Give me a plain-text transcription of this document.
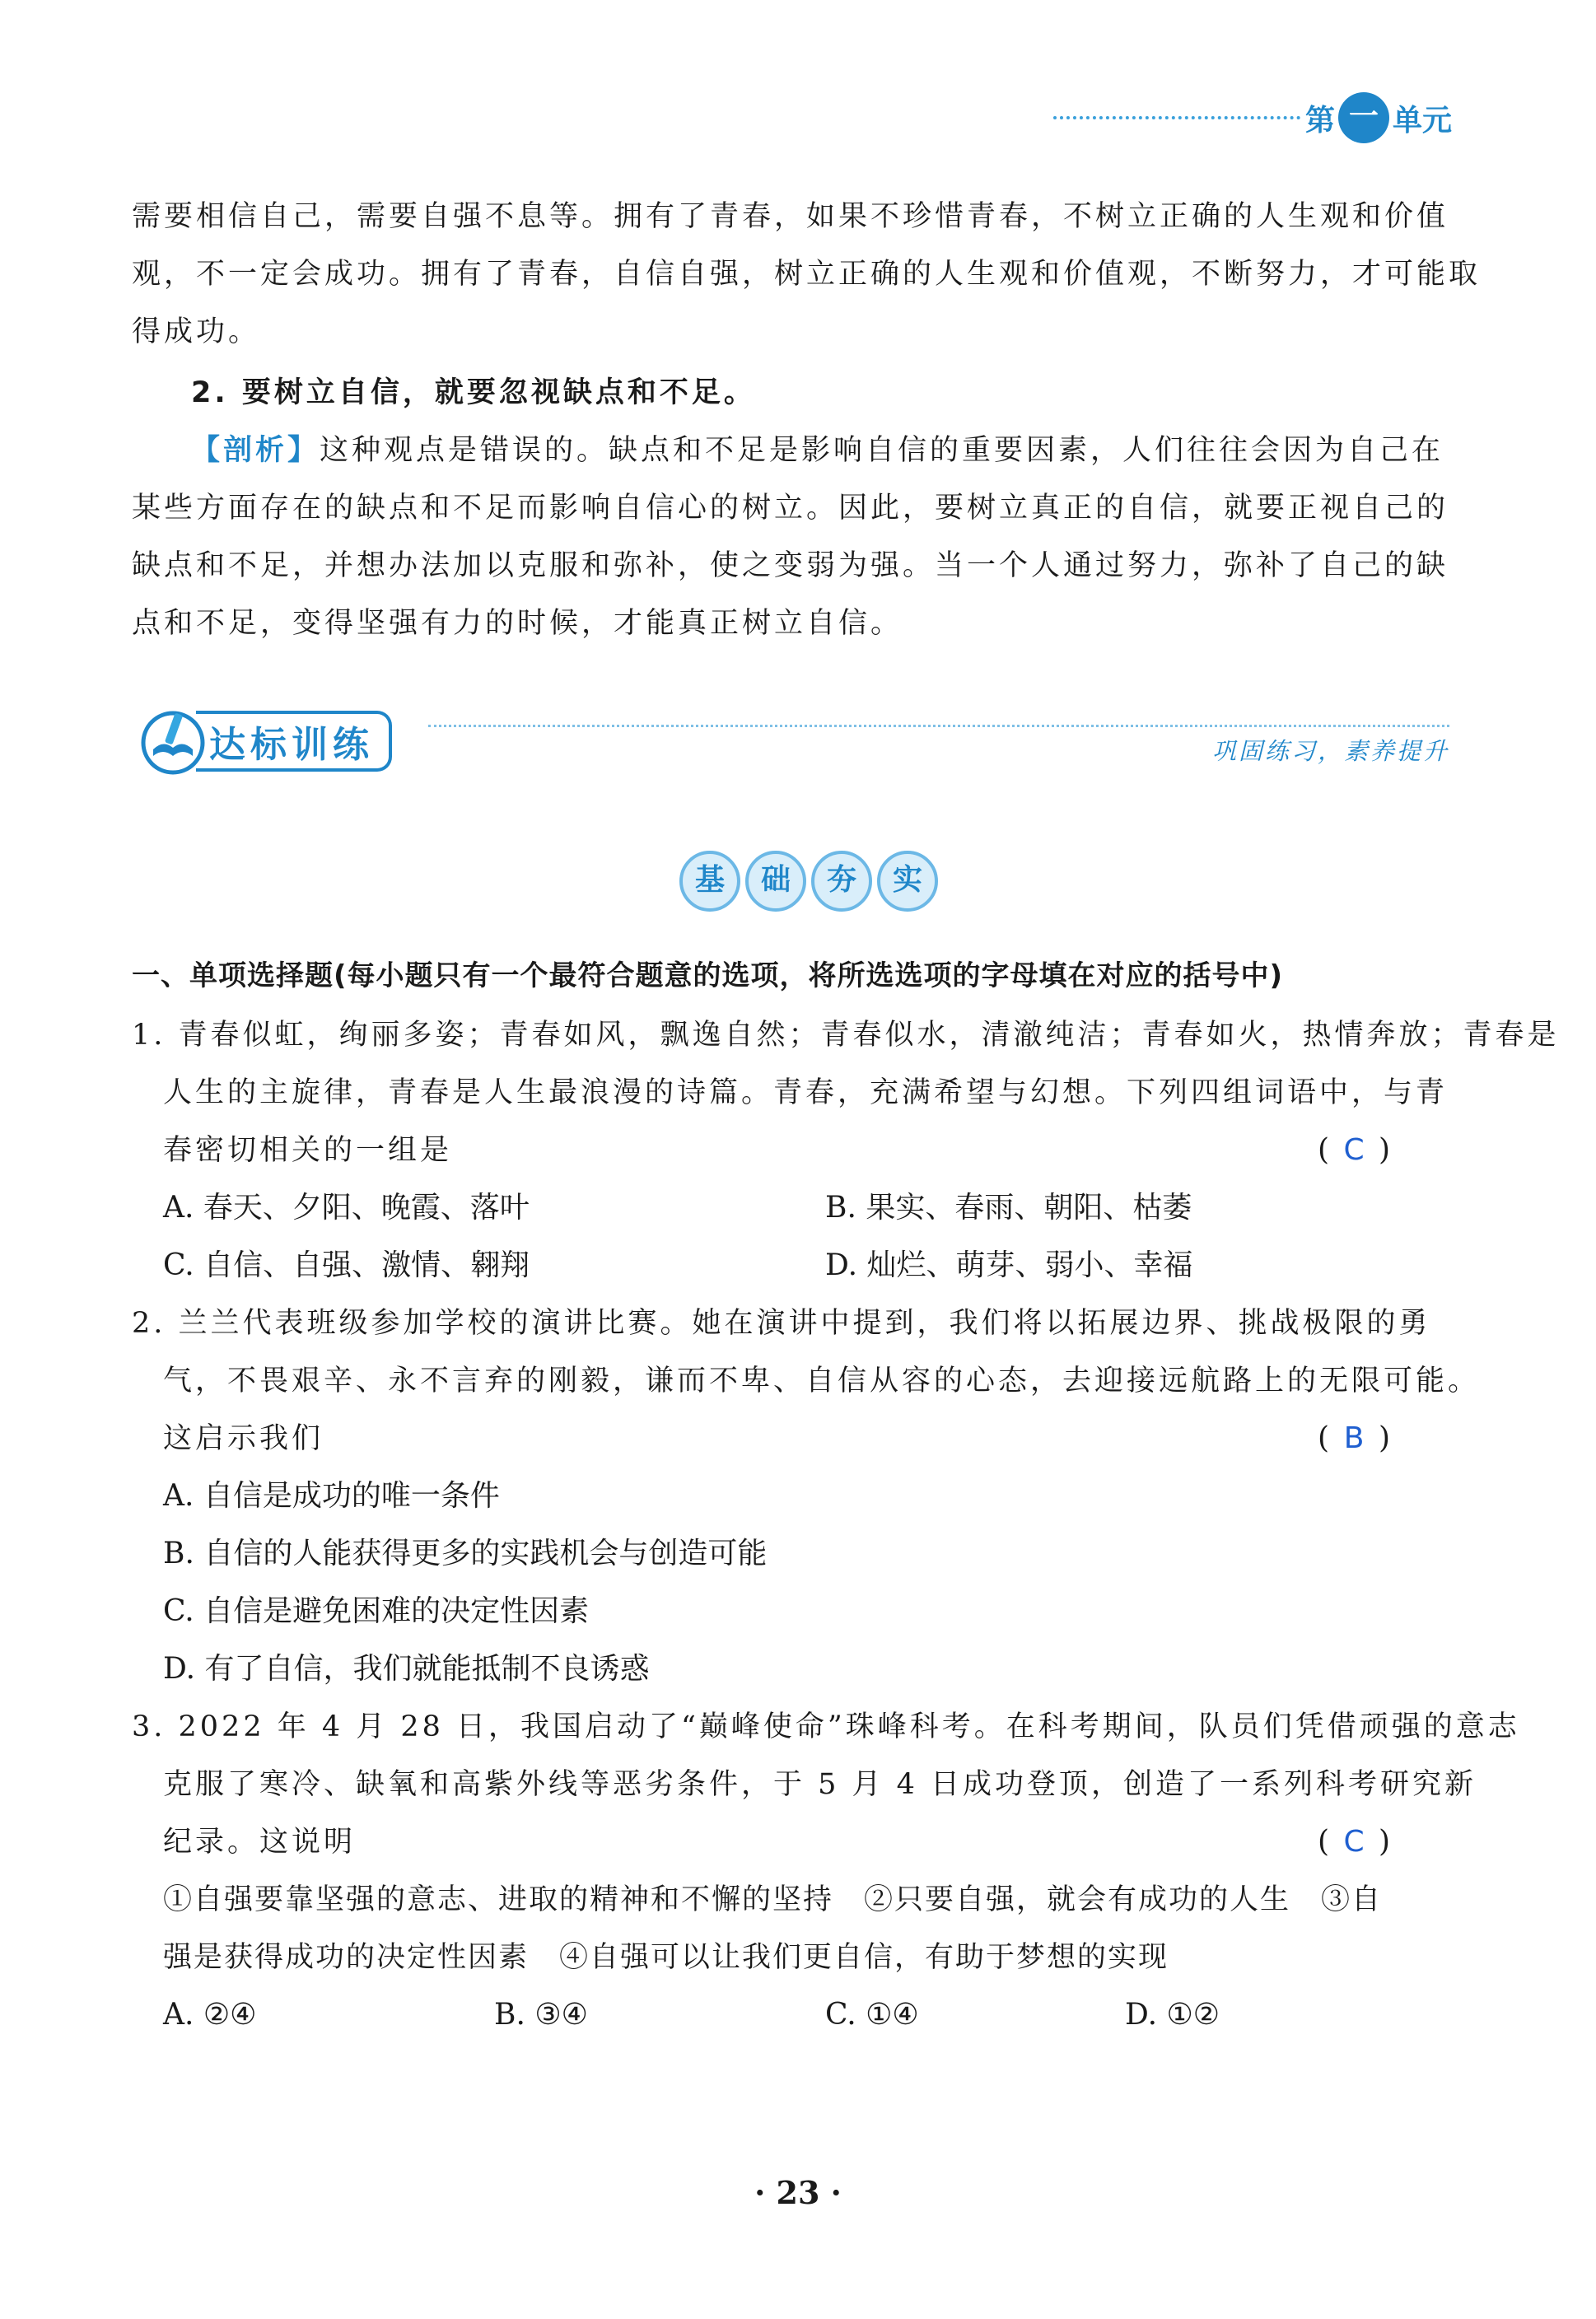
第 一 单元
需要相信自己，需要自强不息等。拥有了青春，如果不珍惜青春，不树立正确的人生观和价值
观，不一定会成功。拥有了青春，自信自强，树立正确的人生观和价值观，不断努力，才可能取
得成功。
2. 要树立自信，就要忽视缺点和不足。
【剖析】这种观点是错误的。缺点和不足是影响自信的重要因素，人们往往会因为自己在
某些方面存在的缺点和不足而影响自信心的树立。因此，要树立真正的自信，就要正视自己的
缺点和不足，并想办法加以克服和弥补，使之变弱为强。当一个人通过努力，弥补了自己的缺
点和不足，变得坚强有力的时候，才能真正树立自信。
达标训练	巩固练习，素养提升
基	础	夯	实
一、单项选择题(每小题只有一个最符合题意的选项，将所选选项的字母填在对应的括号中)
1. 青春似虹，绚丽多姿；青春如风，飘逸自然；青春似水，清澈纯洁；青春如火，热情奔放；青春是
人生的主旋律，青春是人生最浪漫的诗篇。青春，充满希望与幻想。下列四组词语中，与青
春密切相关的一组是	( C )
A. 春天、夕阳、晚霞、落叶	B. 果实、春雨、朝阳、枯萎
C. 自信、自强、激情、翱翔	D. 灿烂、萌芽、弱小、幸福
2. 兰兰代表班级参加学校的演讲比赛。她在演讲中提到，我们将以拓展边界、挑战极限的勇
气，不畏艰辛、永不言弃的刚毅，谦而不卑、自信从容的心态，去迎接远航路上的无限可能。
这启示我们	( B )
A. 自信是成功的唯一条件
B. 自信的人能获得更多的实践机会与创造可能
C. 自信是避免困难的决定性因素
D. 有了自信，我们就能抵制不良诱惑
3. 2022 年 4 月 28 日，我国启动了“巅峰使命”珠峰科考。在科考期间，队员们凭借顽强的意志
克服了寒冷、缺氧和高紫外线等恶劣条件，于 5 月 4 日成功登顶，创造了一系列科考研究新
纪录。这说明	( C )
①自强要靠坚强的意志、进取的精神和不懈的坚持　②只要自强，就会有成功的人生　③自
强是获得成功的决定性因素　④自强可以让我们更自信，有助于梦想的实现
A. ②④	B. ③④	C. ①④	D. ①②
· 23 ·
